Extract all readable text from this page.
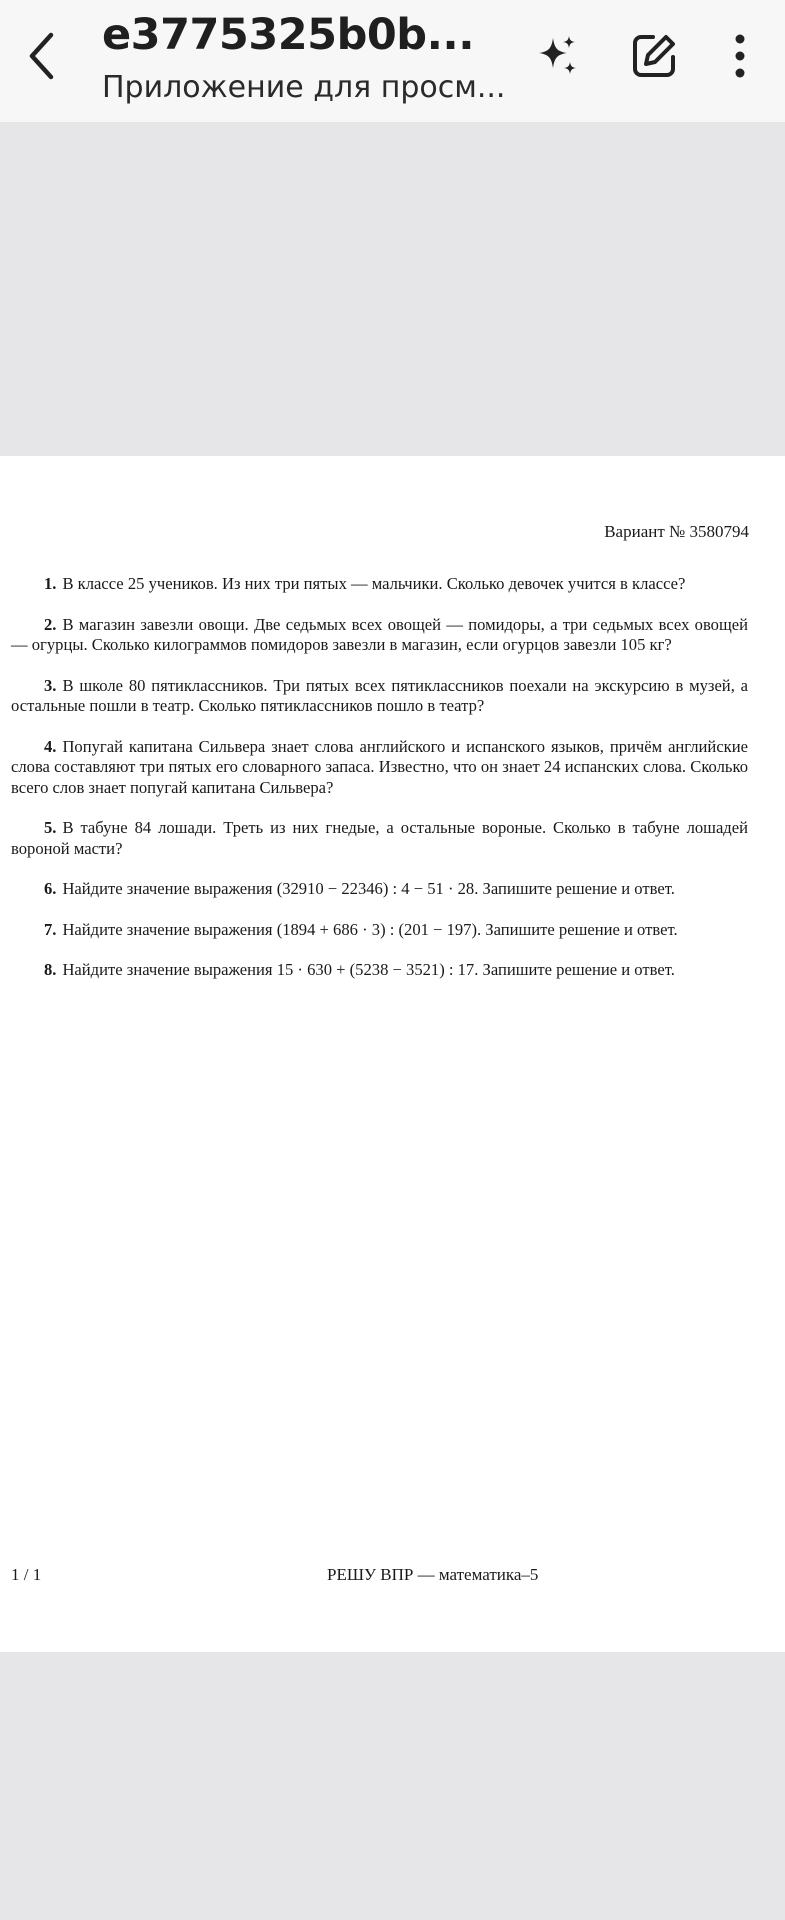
e3775325b0b...
Приложение для просм...
Вариант № 3580794

1. В классе 25 учеников. Из них три пятых — мальчики. Сколько девочек учится в классе?

2. В магазин завезли овощи. Две седьмых всех овощей — помидоры, а три седьмых всех овощей — огурцы. Сколько килограммов помидоров завезли в магазин, если огурцов завезли 105 кг?

3. В школе 80 пятиклассников. Три пятых всех пятиклассников поехали на экскурсию в музей, а остальные пошли в театр. Сколько пятиклассников пошло в театр?

4. Попугай капитана Сильвера знает слова английского и испанского языков, причём английские слова составляют три пятых его словарного запаса. Известно, что он знает 24 испанских слова. Сколько всего слов знает попугай капитана Сильвера?

5. В табуне 84 лошади. Треть из них гнедые, а остальные вороные. Сколько в табуне лошадей вороной масти?

6. Найдите значение выражения (32910 − 22346) : 4 − 51 · 28. Запишите решение и ответ.

7. Найдите значение выражения (1894 + 686 · 3) : (201 − 197). Запишите решение и ответ.

8. Найдите значение выражения 15 · 630 + (5238 − 3521) : 17. Запишите решение и ответ.

1 / 1	РЕШУ ВПР — математика–5
